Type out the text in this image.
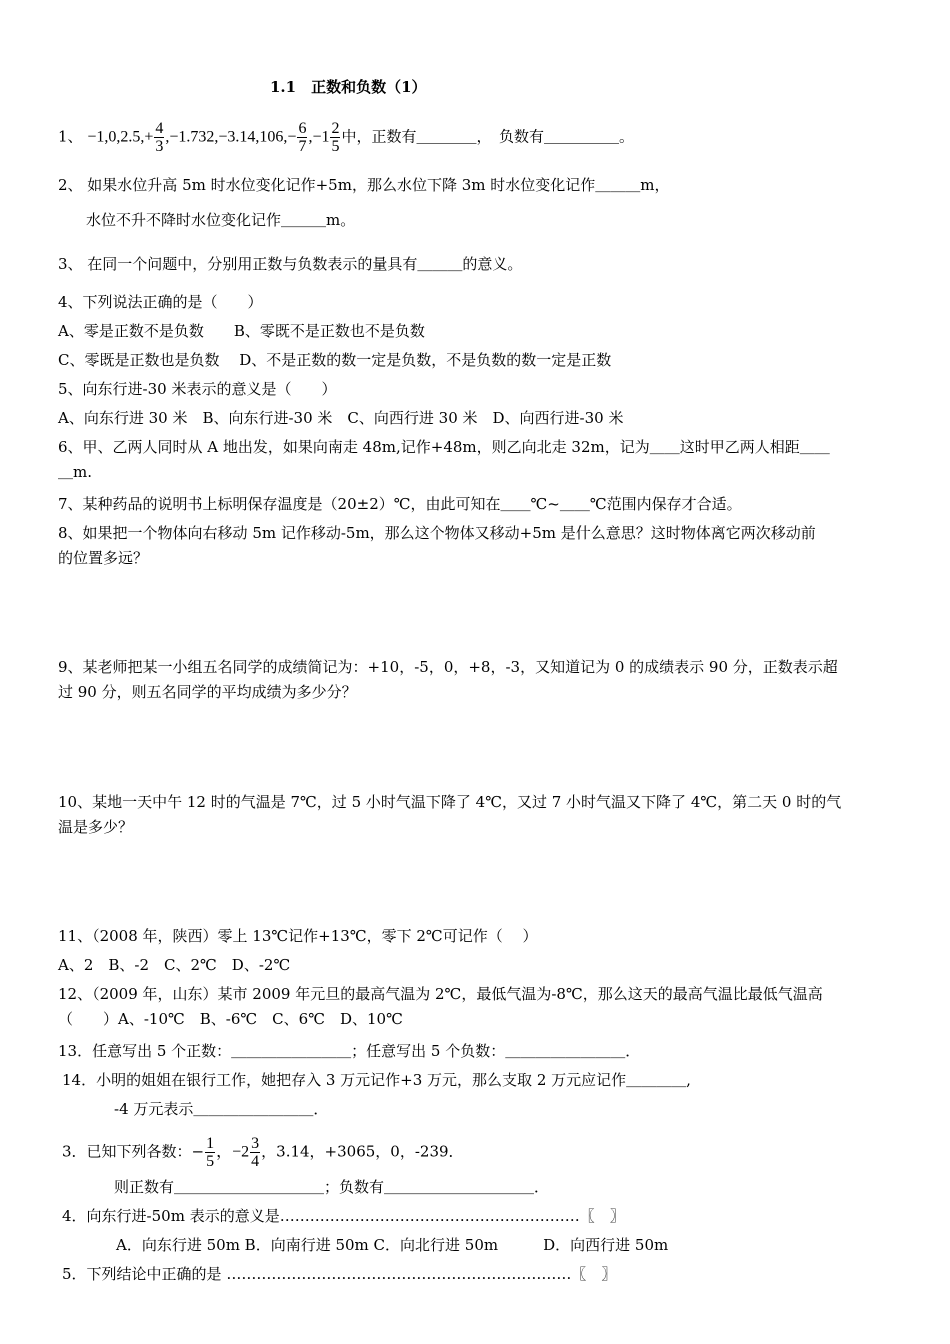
1.1　正数和负数（1）
1、 $-1,0,2.5,+ \frac{4}{3} ,-1.732,-3.14,106,- \frac{6}{7} ,-1 \frac{2}{5}$ 中，正数有＿＿＿＿，　负数有＿＿＿＿＿。
2、 如果水位升高 5m 时水位变化记作+5m，那么水位下降 3m 时水位变化记作＿＿＿m，
水位不升不降时水位变化记作＿＿＿m。
3、 在同一个问题中，分别用正数与负数表示的量具有＿＿＿的意义。
4、下列说法正确的是（　　）
A、零是正数不是负数　　B、零既不是正数也不是负数
C、零既是正数也是负数　 D、不是正数的数一定是负数，不是负数的数一定是正数
5、向东行进-30 米表示的意义是（　　）
A、向东行进 30 米　B、向东行进-30 米　C、向西行进 30 米　D、向西行进-30 米
6、甲、乙两人同时从 A 地出发，如果向南走 48m,记作+48m，则乙向北走 32m，记为＿＿这时甲乙两人相距＿＿
＿m.
7、某种药品的说明书上标明保存温度是（20±2）℃，由此可知在＿＿℃~＿＿℃范围内保存才合适。
8、如果把一个物体向右移动 5m 记作移动-5m，那么这个物体又移动+5m 是什么意思？这时物体离它两次移动前
的位置多远？
9、某老师把某一小组五名同学的成绩简记为：+10，-5，0，+8，-3，又知道记为 0 的成绩表示 90 分，正数表示超
过 90 分，则五名同学的平均成绩为多少分？
10、某地一天中午 12 时的气温是 7℃，过 5 小时气温下降了 4℃，又过 7 小时气温又下降了 4℃，第二天 0 时的气
温是多少？
11、（2008 年，陕西）零上 13℃记作+13℃，零下 2℃可记作（　 ）
A、2　B、-2　C、2℃　D、-2℃
12、（2009 年，山东）某市 2009 年元旦的最高气温为 2℃，最低气温为-8℃，那么这天的最高气温比最低气温高
（　　）A、-10℃　B、-6℃　C、6℃　D、10℃
13．任意写出 5 个正数：＿＿＿＿＿＿＿＿；任意写出 5 个负数：＿＿＿＿＿＿＿＿．
14．小明的姐姐在银行工作，她把存入 3 万元记作+3 万元，那么支取 2 万元应记作＿＿＿＿,
-4 万元表示＿＿＿＿＿＿＿＿．
3．已知下列各数：− $\frac{1}{5}$ ，$-2 \frac{3}{4}$ ，3.14，+3065，0，-239．
则正数有＿＿＿＿＿＿＿＿＿＿；负数有＿＿＿＿＿＿＿＿＿＿．
4．向东行进-50m 表示的意义是……………………………………………………〖　〗
A．向东行进 50m B．向南行进 50m C．向北行进 50m　　　D．向西行进 50m
5．下列结论中正确的是 ……………………………………………………………〖　〗
